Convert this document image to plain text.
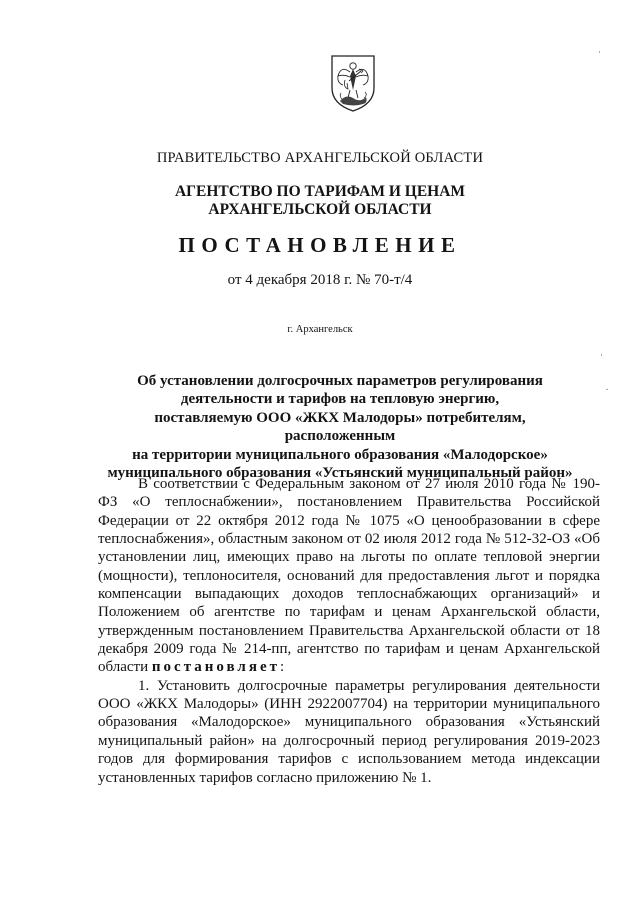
ПРАВИТЕЛЬСТВО АРХАНГЕЛЬСКОЙ ОБЛАСТИ
АГЕНТСТВО ПО ТАРИФАМ И ЦЕНАМ
АРХАНГЕЛЬСКОЙ ОБЛАСТИ
ПОСТАНОВЛЕНИЕ
от 4 декабря 2018 г. № 70-т/4
г. Архангельск
Об установлении долгосрочных параметров регулирования
деятельности и тарифов на тепловую энергию,
поставляемую ООО «ЖКХ Малодоры» потребителям, расположенным
на территории муниципального образования «Малодорское»
муниципального образования «Устьянский муниципальный район»

В соответствии с Федеральным законом от 27 июля 2010 года № 190-ФЗ «О теплоснабжении», постановлением Правительства Российской Федерации от 22 октября 2012 года № 1075 «О ценообразовании в сфере теплоснабжения», областным законом от 02 июля 2012 года № 512-32-ОЗ «Об установлении лиц, имеющих право на льготы по оплате тепловой энергии (мощности), теплоносителя, оснований для предоставления льгот и порядка компенсации выпадающих доходов теплоснабжающих организаций» и Положением об агентстве по тарифам и ценам Архангельской области, утвержденным постановлением Правительства Архангельской области от 18 декабря 2009 года № 214-пп, агентство по тарифам и ценам Архангельской области постановляет:

1. Установить долгосрочные параметры регулирования деятельности ООО «ЖКХ Малодоры» (ИНН 2922007704) на территории муниципального образования «Малодорское» муниципального образования «Устьянский муниципальный район» на долгосрочный период регулирования 2019-2023 годов для формирования тарифов с использованием метода индексации установленных тарифов согласно приложению № 1.

·
·
.
